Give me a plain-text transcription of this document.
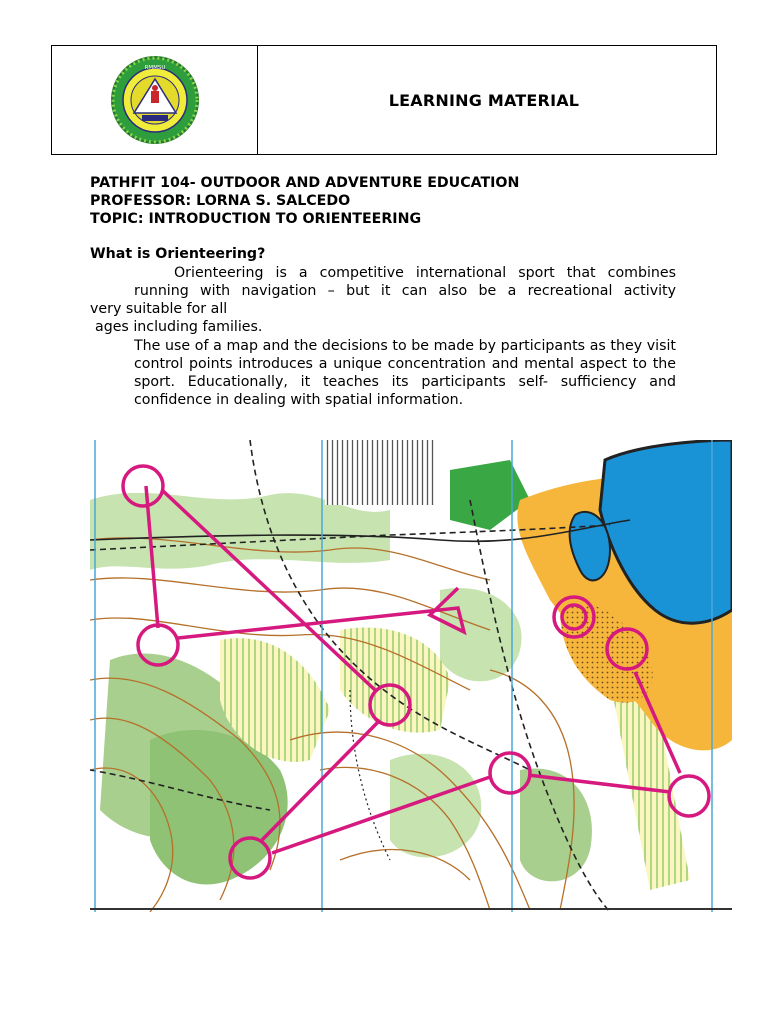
RMMSU
LEARNING MATERIAL
PATHFIT 104- OUTDOOR AND ADVENTURE EDUCATION
PROFESSOR: LORNA S. SALCEDO
TOPIC: INTRODUCTION TO ORIENTEERING
What is Orienteering?
Orienteering is a competitive international sport that combines
running with navigation – but it can also be a recreational activity
very suitable for all
ages including families.
The use of a map and the decisions to be made by participants as they visit control points introduces a unique concentration and mental aspect to the sport. Educationally, it teaches its participants self- sufficiency and confidence in dealing with spatial information.
